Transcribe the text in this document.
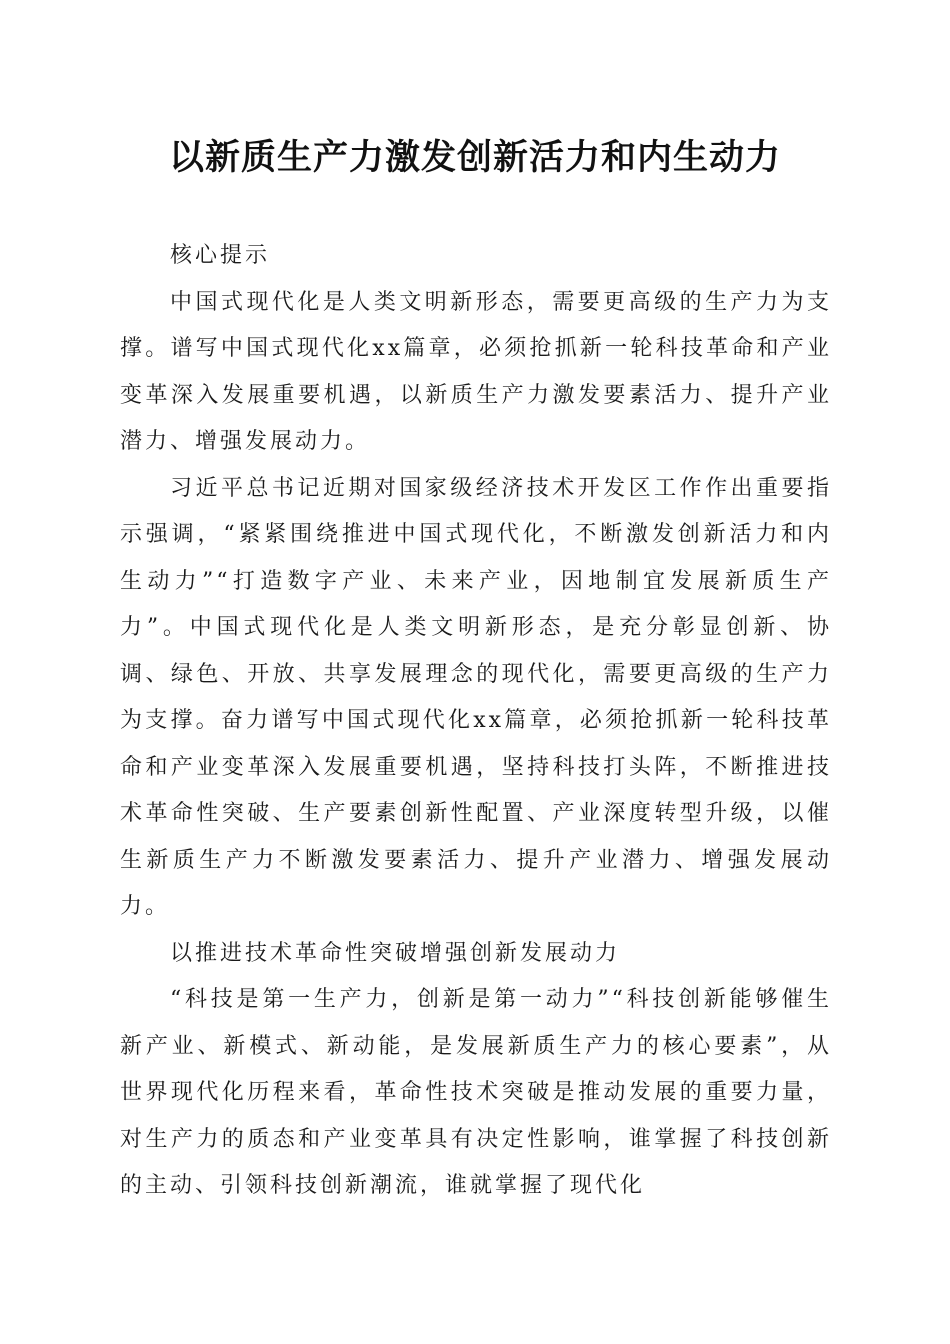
以新质生产力激发创新活力和内生动力

核心提示

中国式现代化是人类文明新形态，需要更高级的生产力为支撑。谱写中国式现代化xx篇章，必须抢抓新一轮科技革命和产业变革深入发展重要机遇，以新质生产力激发要素活力、提升产业潜力、增强发展动力。

习近平总书记近期对国家级经济技术开发区工作作出重要指示强调，“紧紧围绕推进中国式现代化，不断激发创新活力和内生动力”“打造数字产业、未来产业，因地制宜发展新质生产力”。中国式现代化是人类文明新形态，是充分彰显创新、协调、绿色、开放、共享发展理念的现代化，需要更高级的生产力为支撑。奋力谱写中国式现代化xx篇章，必须抢抓新一轮科技革命和产业变革深入发展重要机遇，坚持科技打头阵，不断推进技术革命性突破、生产要素创新性配置、产业深度转型升级，以催生新质生产力不断激发要素活力、提升产业潜力、增强发展动力。

以推进技术革命性突破增强创新发展动力

“科技是第一生产力，创新是第一动力”“科技创新能够催生新产业、新模式、新动能，是发展新质生产力的核心要素”，从世界现代化历程来看，革命性技术突破是推动发展的重要力量，对生产力的质态和产业变革具有决定性影响，谁掌握了科技创新的主动、引领科技创新潮流，谁就掌握了现代化
